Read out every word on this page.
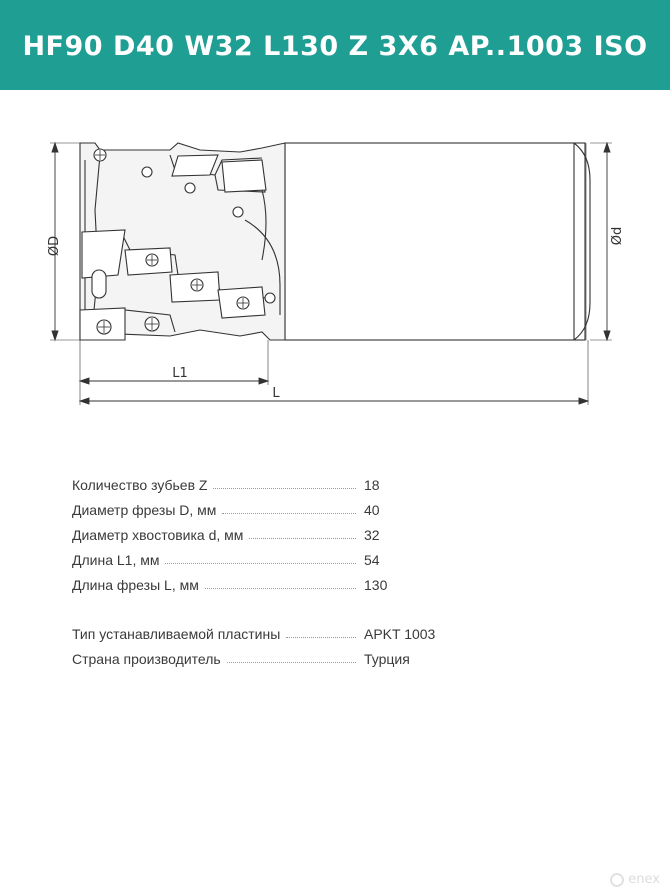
HF90 D40 W32 L130 Z 3X6 AP..1003 ISO
ØD	Ød
L1
L
Количество зубьев Z	18
Диаметр фрезы D, мм	40
Диаметр хвостовика d, мм	32
Длина L1, мм	54
Длина фрезы L, мм	130
Тип устанавливаемой пластины	APKT 1003
Страна производитель	Турция
enex
